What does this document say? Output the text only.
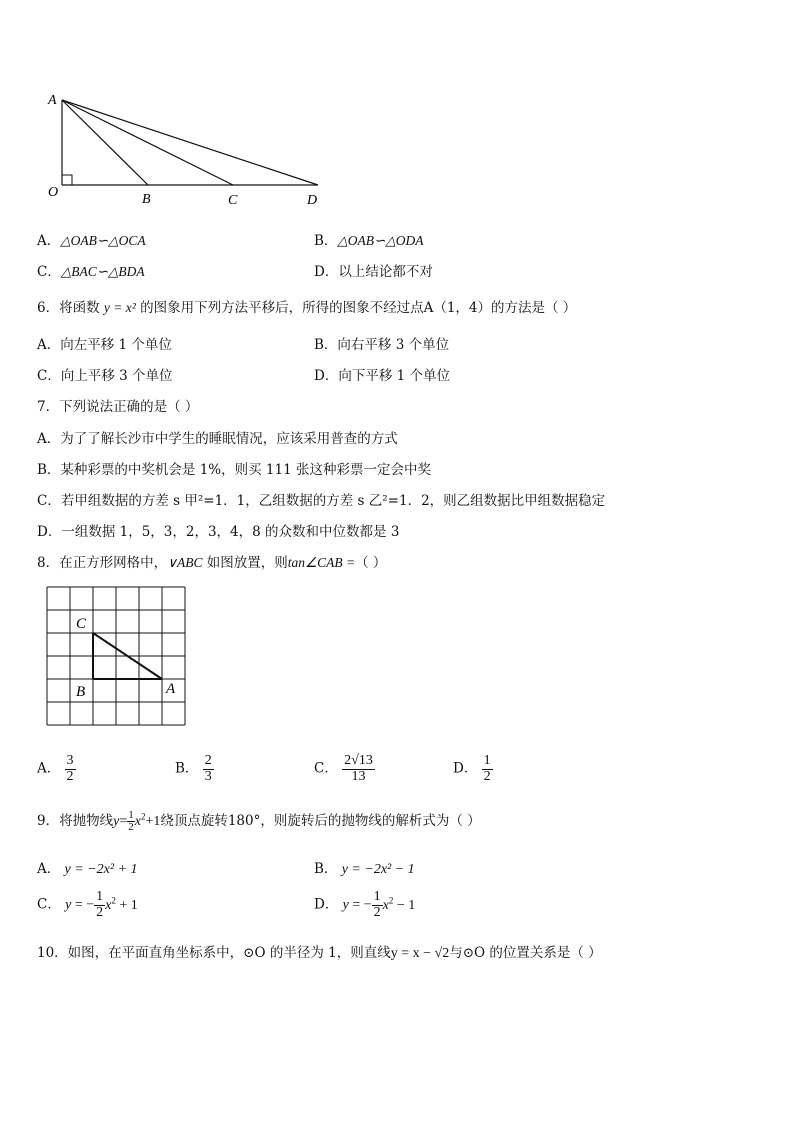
A
O	B	C	D
A．△OAB∽△OCA	B．△OAB∽△ODA
C．△BAC∽△BDA	D．以上结论都不对
6．将函数 y = x² 的图象用下列方法平移后，所得的图象不经过点A（1，4）的方法是（ ）
A．向左平移 1 个单位	B．向右平移 3 个单位
C．向上平移 3 个单位	D．向下平移 1 个单位
7．下列说法正确的是（ ）
A．为了了解长沙市中学生的睡眠情况，应该采用普查的方式
B．某种彩票的中奖机会是 1%，则买 111 张这种彩票一定会中奖
C．若甲组数据的方差 s 甲²=1．1，乙组数据的方差 s 乙²=1．2，则乙组数据比甲组数据稳定
D．一组数据 1，5，3，2，3，4，8 的众数和中位数都是 3
8．在正方形网格中，∨ABC 如图放置，则tan∠CAB =（ ）
C
B	A
A． $\frac{3}{2}$	B． $\frac{2}{3}$	C． $\frac{2√13}{13}$	D． $\frac{1}{2}$
9．将抛物线$y= \frac{1}{2} x^2+1$绕顶点旋转180°，则旋转后的抛物线的解析式为（ ）
A． y = −2x² + 1	B． y = −2x² − 1
C． y = − $\frac{1}{2} x^2 + 1$	D． y = − $\frac{1}{2} x^2 - 1$
10．如图，在平面直角坐标系中，⊙O 的半径为 1，则直线y = x − √2与⊙O 的位置关系是（ ）
